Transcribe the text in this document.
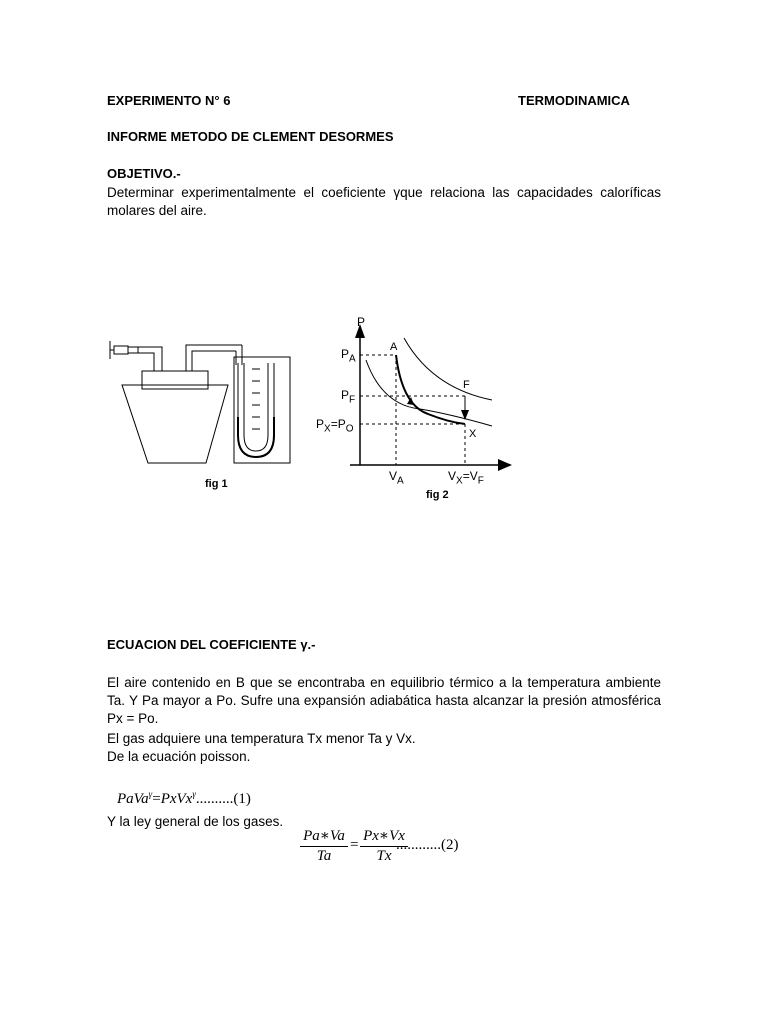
EXPERIMENTO N° 6	TERMODINAMICA
INFORME METODO DE CLEMENT DESORMES
OBJETIVO.-
Determinar experimentalmente el coeficiente γque relaciona las capacidades caloríficas molares del aire.
fig 1
P
$P_A$
$P_F$
$P_X=P_O$
A
F
X
$V_A$	$V_X=V_F$
fig 2
ECUACION DEL COEFICIENTE γ.-
El aire contenido en B que se encontraba en equilibrio térmico a la temperatura ambiente Ta. Y Pa mayor a Po. Sufre una expansión adiabática hasta alcanzar la presión atmosférica Px = Po.
El gas adquiere una temperatura Tx menor Ta y Vx.
De la ecuación poisson.
PaVa$^\gamma$=PxVx$^\gamma$..........(1)
Y la ley general de los gases.
Pa∗Va
Ta
=
Px∗Vx
Tx
............(2)
